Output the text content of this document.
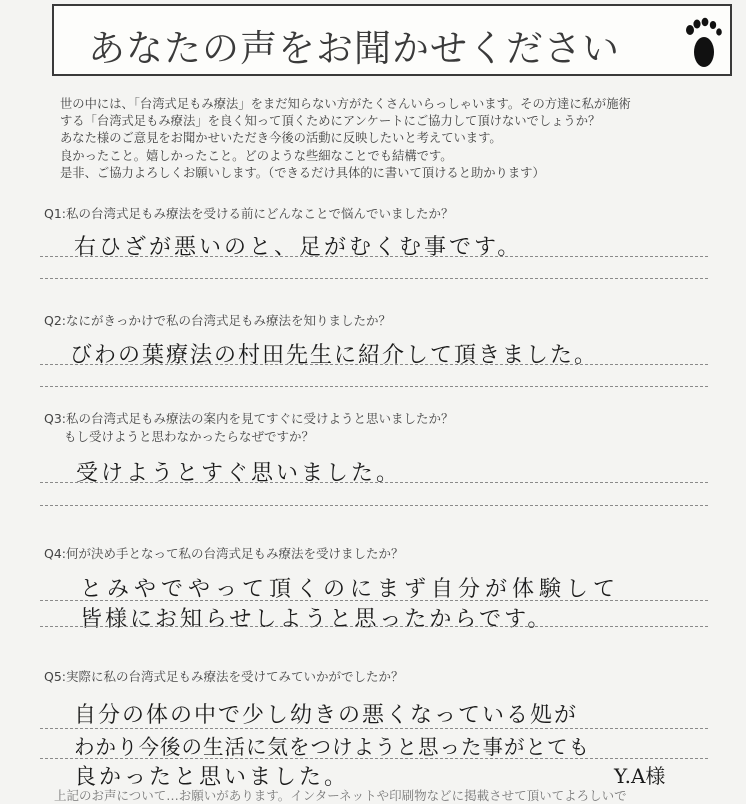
あなたの声をお聞かせください
世の中には、「台湾式足もみ療法」をまだ知らない方がたくさんいらっしゃいます。その方達に私が施術
する「台湾式足もみ療法」を良く知って頂くためにアンケートにご協力して頂けないでしょうか？
あなた様のご意見をお聞かせいただき今後の活動に反映したいと考えています。
良かったこと。嬉しかったこと。どのような些細なことでも結構です。
是非、ご協力よろしくお願いします。（できるだけ具体的に書いて頂けると助かります）
Q1:私の台湾式足もみ療法を受ける前にどんなことで悩んでいましたか？
右ひざが悪いのと、足がむくむ事です。
Q2:なにがきっかけで私の台湾式足もみ療法を知りましたか？
びわの葉療法の村田先生に紹介して頂きました。
Q3:私の台湾式足もみ療法の案内を見てすぐに受けようと思いましたか？
もし受けようと思わなかったらなぜですか？
受けようとすぐ思いました。
Q4:何が決め手となって私の台湾式足もみ療法を受けましたか？
とみやでやって頂くのにまず自分が体験して
皆様にお知らせしようと思ったからです。
Q5:実際に私の台湾式足もみ療法を受けてみていかがでしたか？
自分の体の中で少し幼きの悪くなっている処が
わかり今後の生活に気をつけようと思った事がとても
良かったと思いました。	Y.A様
上記のお声について…お願いがあります。インターネットや印刷物などに掲載させて頂いてよろしいで
